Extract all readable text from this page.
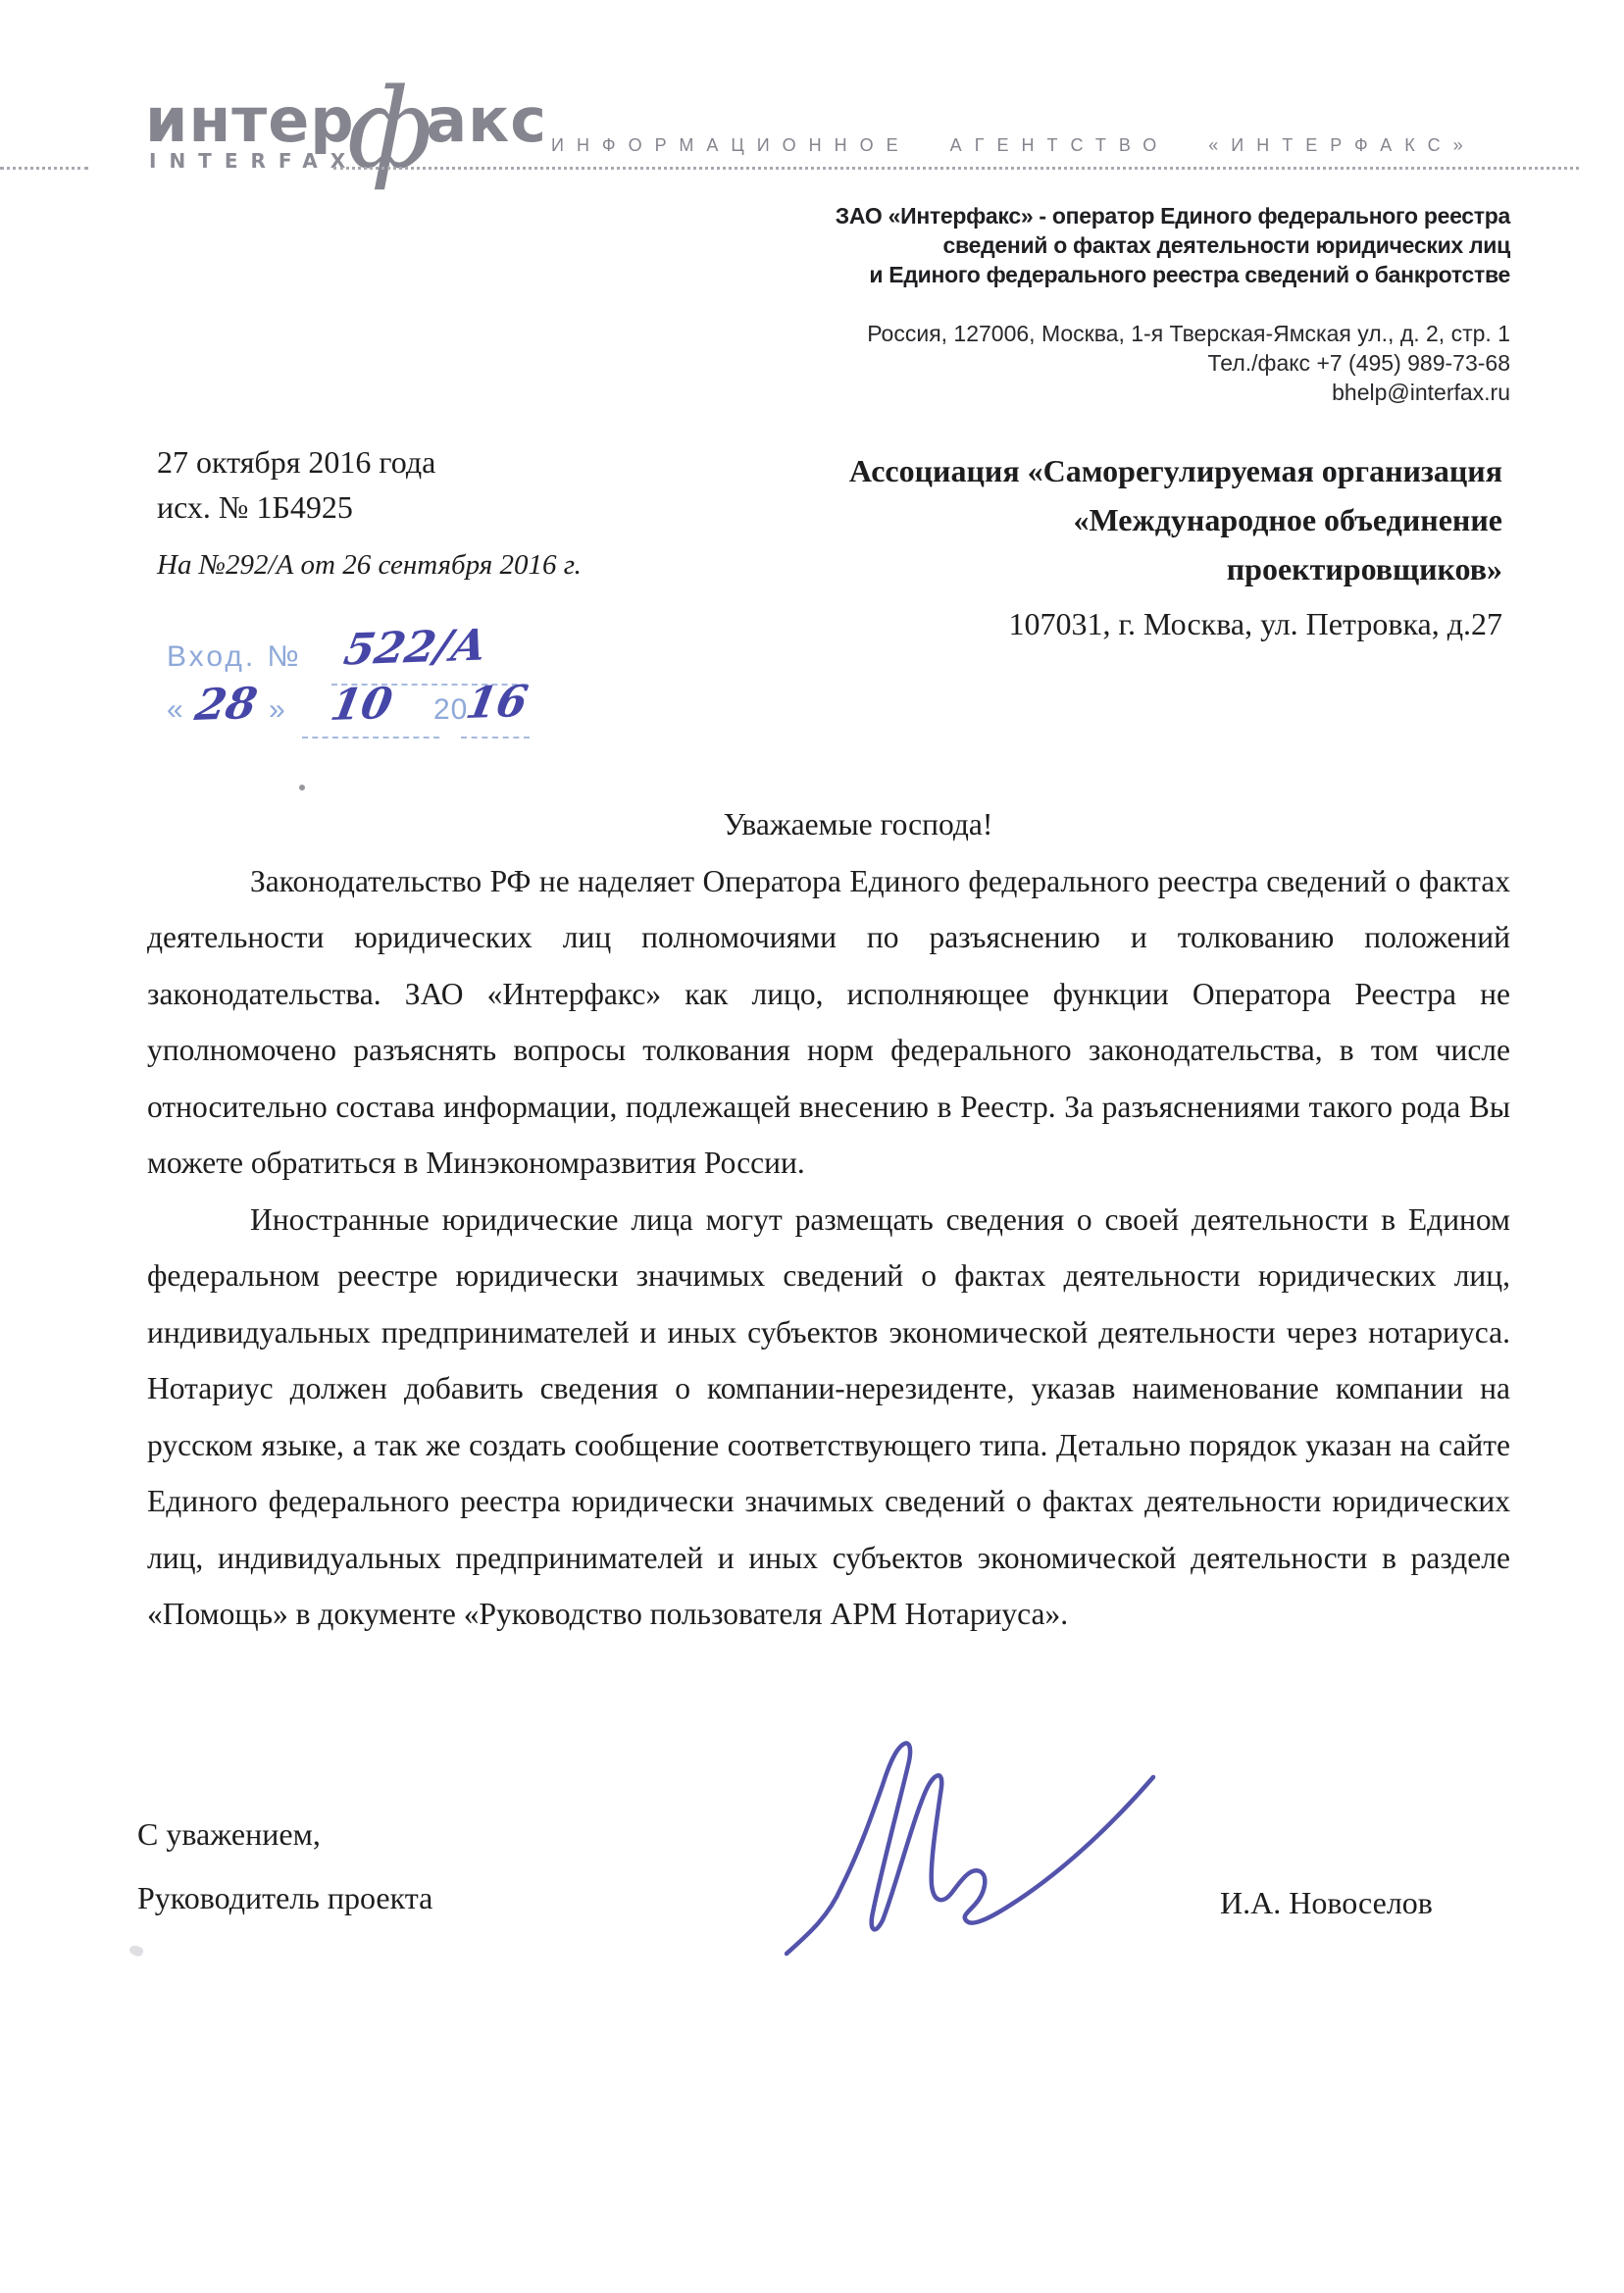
интерфакс
INTERFAX
ИНФОРМАЦИОННОЕ АГЕНТСТВО «ИНТЕРФАКС»
ЗАО «Интерфакс» - оператор Единого федерального реестра
сведений о фактах деятельности юридических лиц
и Единого федерального реестра сведений о банкротстве
Россия, 127006, Москва, 1-я Тверская-Ямская ул., д. 2, стр. 1
Тел./факс +7 (495) 989-73-68
bhelp@interfax.ru
27 октября 2016 года
исх. № 1Б4925
На №292/А от 26 сентября 2016 г.
Ассоциация «Саморегулируемая организация
«Международное объединение
проектировщиков»
107031, г. Москва, ул. Петровка, д.27
Вход. № 522/А
« 28 » 10 20
16
Уважаемые господа!

Законодательство РФ не наделяет Оператора Единого федерального реестра сведений о фактах деятельности юридических лиц полномочиями по разъяснению и толкованию положений законодательства. ЗАО «Интерфакс» как лицо, исполняющее функции Оператора Реестра не уполномочено разъяснять вопросы толкования норм федерального законодательства, в том числе относительно состава информации, подлежащей внесению в Реестр. За разъяснениями такого рода Вы можете обратиться в Минэкономразвития России.

Иностранные юридические лица могут размещать сведения о своей деятельности в Едином федеральном реестре юридически значимых сведений о фактах деятельности юридических лиц, индивидуальных предпринимателей и иных субъектов экономической деятельности через нотариуса. Нотариус должен добавить сведения о компании-нерезиденте, указав наименование компании на русском языке, а так же создать сообщение соответствующего типа. Детально порядок указан на сайте Единого федерального реестра юридически значимых сведений о фактах деятельности юридических лиц, индивидуальных предпринимателей и иных субъектов экономической деятельности в разделе «Помощь» в документе «Руководство пользователя АРМ Нотариуса».

С уважением,
Руководитель проекта	И.А. Новоселов
